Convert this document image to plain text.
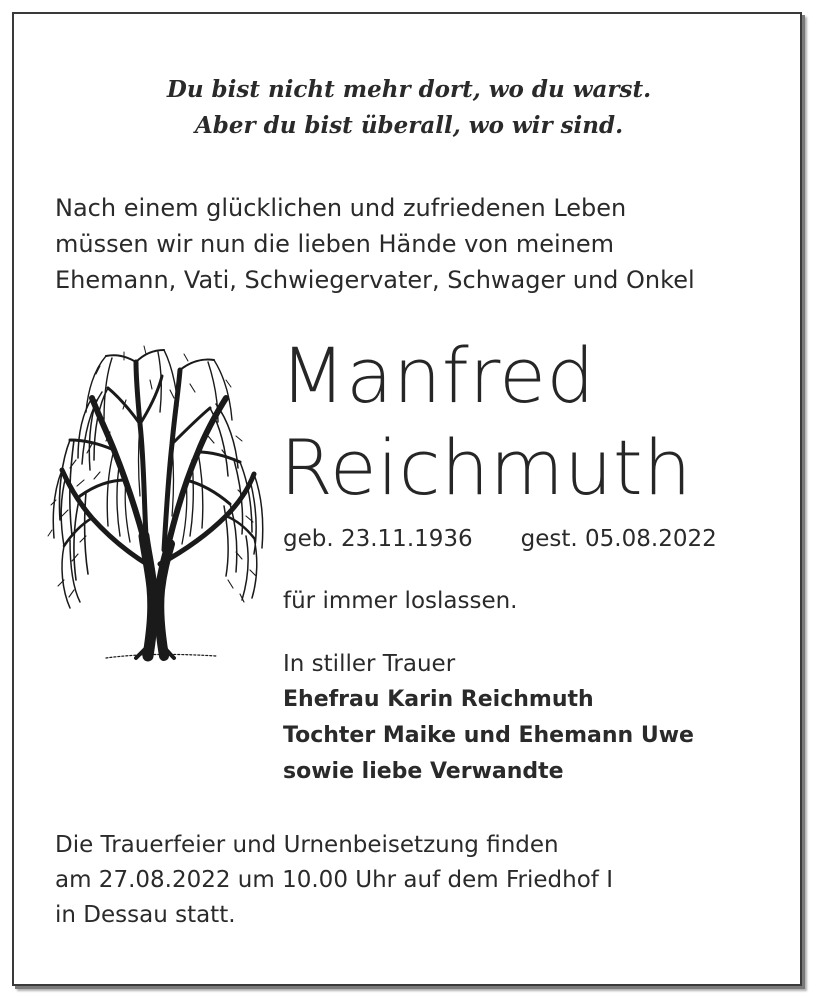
Du bist nicht mehr dort, wo du warst.
Aber du bist überall, wo wir sind.
Nach einem glücklichen und zufriedenen Leben
müssen wir nun die lieben Hände von meinem
Ehemann, Vati, Schwiegervater, Schwager und Onkel
Manfred
Reichmuth
geb. 23.11.1936 gest. 05.08.2022
für immer loslassen.
In stiller Trauer
Ehefrau Karin Reichmuth
Tochter Maike und Ehemann Uwe
sowie liebe Verwandte
Die Trauerfeier und Urnenbeisetzung finden
am 27.08.2022 um 10.00 Uhr auf dem Friedhof I
in Dessau statt.
